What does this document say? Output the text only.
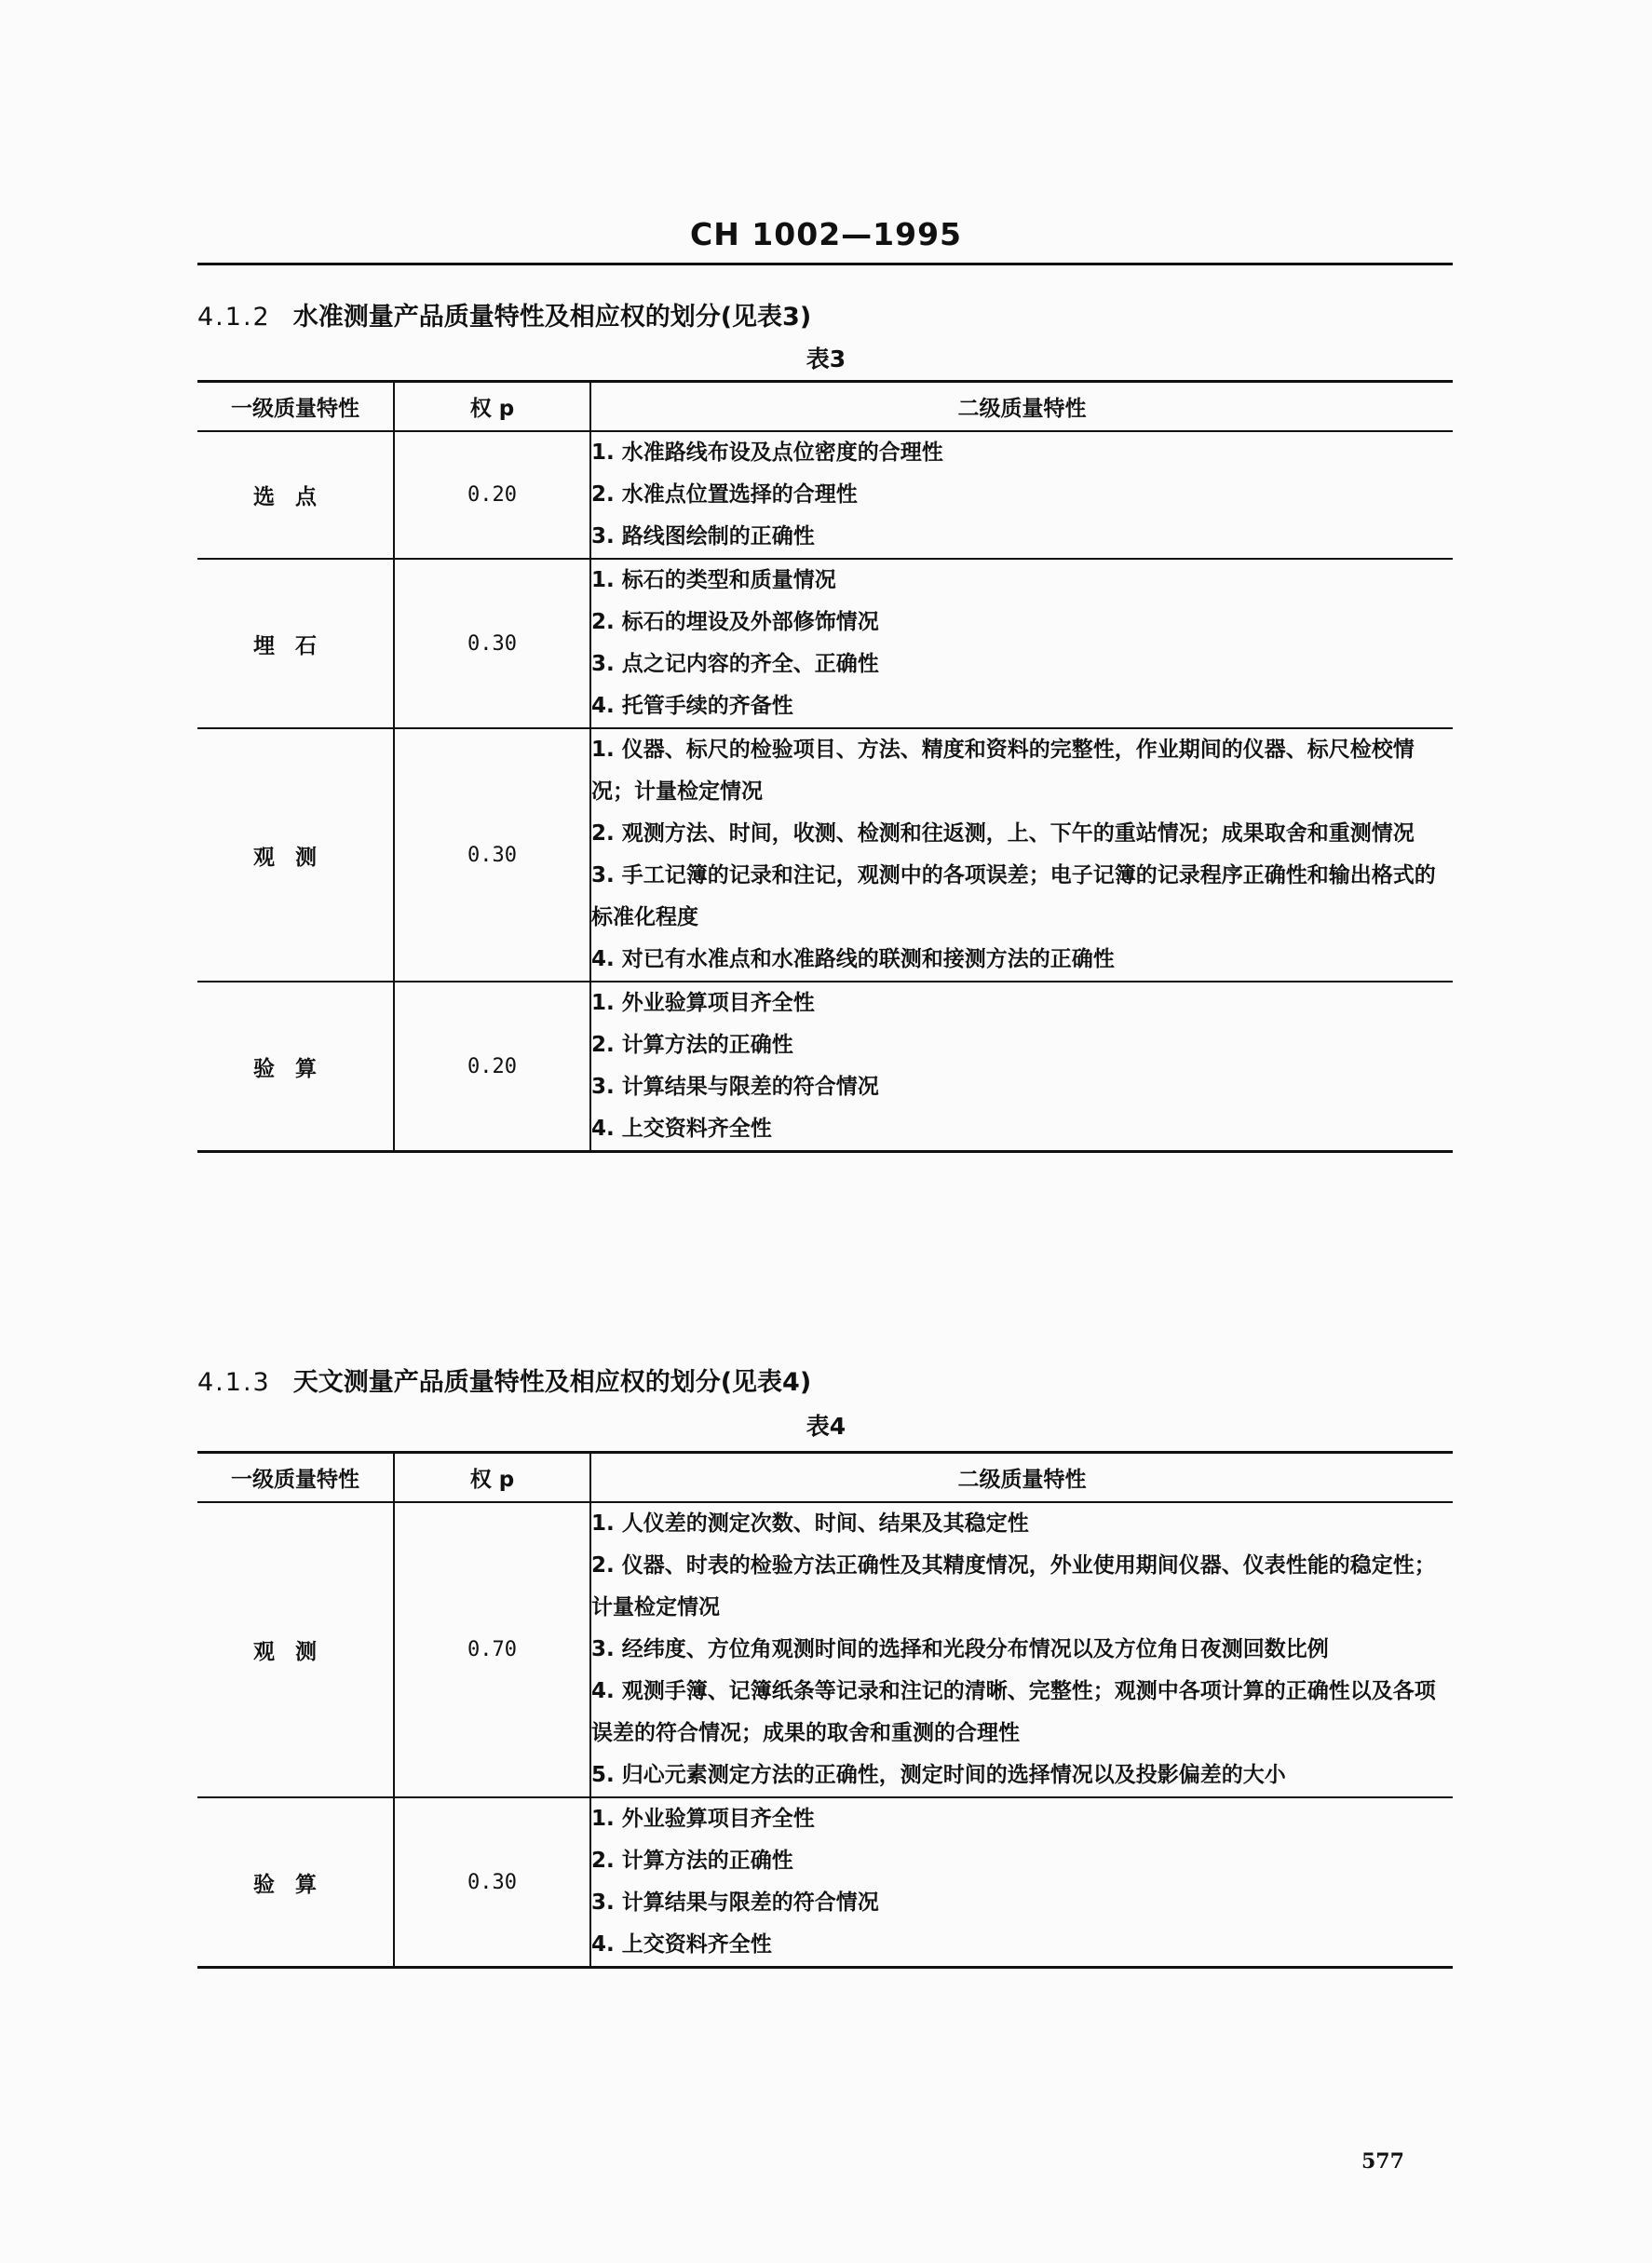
CH 1002—1995
4.1.2 水准测量产品质量特性及相应权的划分(见表3)
表3
一级质量特性	权 p	二级质量特性
选点	0.20	1. 水准路线布设及点位密度的合理性
2. 水准点位置选择的合理性
3. 路线图绘制的正确性

埋石	0.30	1. 标石的类型和质量情况
2. 标石的埋设及外部修饰情况
3. 点之记内容的齐全、正确性
4. 托管手续的齐备性

观测	0.30	1. 仪器、标尺的检验项目、方法、精度和资料的完整性，作业期间的仪器、标尺检校情况；计量检定情况
2. 观测方法、时间，收测、检测和往返测，上、下午的重站情况；成果取舍和重测情况
3. 手工记簿的记录和注记，观测中的各项误差；电子记簿的记录程序正确性和输出格式的标准化程度
4. 对已有水准点和水准路线的联测和接测方法的正确性

验算	0.20	1. 外业验算项目齐全性
2. 计算方法的正确性
3. 计算结果与限差的符合情况
4. 上交资料齐全性
4.1.3 天文测量产品质量特性及相应权的划分(见表4)
表4
一级质量特性	权 p	二级质量特性
观测	0.70	1. 人仪差的测定次数、时间、结果及其稳定性
2. 仪器、时表的检验方法正确性及其精度情况，外业使用期间仪器、仪表性能的稳定性；计量检定情况
3. 经纬度、方位角观测时间的选择和光段分布情况以及方位角日夜测回数比例
4. 观测手簿、记簿纸条等记录和注记的清晰、完整性；观测中各项计算的正确性以及各项误差的符合情况；成果的取舍和重测的合理性
5. 归心元素测定方法的正确性，测定时间的选择情况以及投影偏差的大小

验算	0.30	1. 外业验算项目齐全性
2. 计算方法的正确性
3. 计算结果与限差的符合情况
4. 上交资料齐全性
577
